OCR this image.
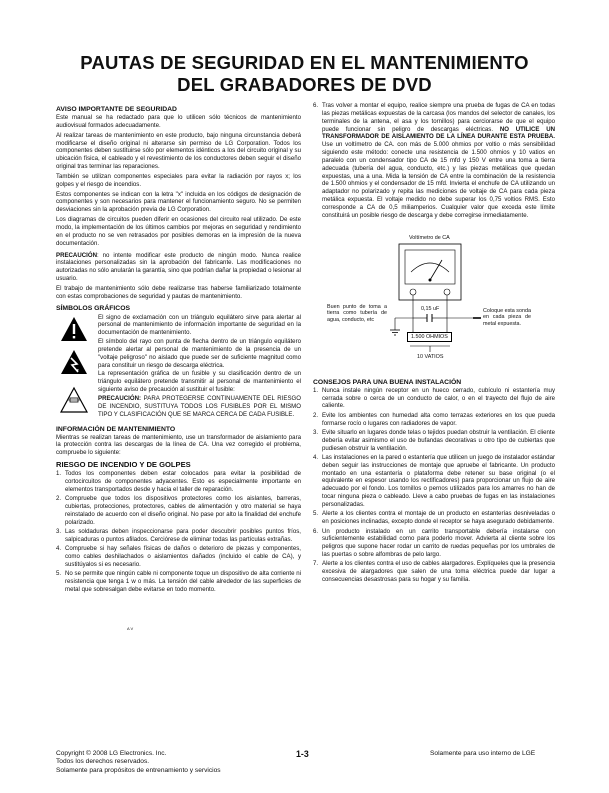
PAUTAS DE SEGURIDAD EN EL MANTENIMIENTO
DEL GRABADORES DE DVD
AVISO IMPORTANTE DE SEGURIDAD

Este manual se ha redactado para que lo utilicen sólo técnicos de mantenimiento audiovisual formados adecuadamente.

Al realizar tareas de mantenimiento en este producto, bajo ninguna circunstancia deberá modificarse el diseño original ni alterarse sin permiso de LG Corporation. Todos los componentes deben sustituirse sólo por elementos idénticos a los del circuito original y su ubicación física, el cableado y el revestimiento de los conductores deben seguir el diseño original tras terminar las reparaciones.

También se utilizan componentes especiales para evitar la radiación por rayos x; los golpes y el riesgo de incendios.

Estos componentes se indican con la letra "x" incluida en los códigos de designación de componentes y son necesarios para mantener el funcionamiento seguro. No se permiten desviaciones sin la aprobación previa de LG Corporation.

Los diagramas de circuitos pueden diferir en ocasiones del circuito real utilizado. De este modo, la implementación de los últimos cambios por mejoras en seguridad y rendimiento en el producto no se ven retrasados por posibles demoras en la impresión de la nueva documentación.

PRECAUCIÓN: no intente modificar este producto de ningún modo. Nunca realice instalaciones personalizadas sin la aprobación del fabricante. Las modificaciones no autorizadas no sólo anularán la garantía, sino que podrían dañar la propiedad o lesionar al usuario.

El trabajo de mantenimiento sólo debe realizarse tras haberse familiarizado totalmente con estas comprobaciones de seguridad y pautas de mantenimiento.

SÍMBOLOS GRÁFICOS

El signo de exclamación con un triángulo equilátero sirve para alertar al personal de mantenimiento de información importante de seguridad en la documentación de mantenimiento.

El símbolo del rayo con punta de flecha dentro de un triángulo equilátero pretende alertar al personal de mantenimiento de la presencia de un "voltaje peligroso" no aislado que puede ser de suficiente magnitud como para constituir un riesgo de descarga eléctrica.

La representación gráfica de un fusible y su clasificación dentro de un triángulo equilátero pretende transmitir al personal de mantenimiento el siguiente aviso de precaución al sustituir el fusible:

PRECAUCIÓN: PARA PROTEGERSE CONTINUAMENTE DEL RIESGO DE INCENDIO, SUSTITUYA TODOS LOS FUSIBLES POR EL MISMO TIPO Y CLASIFICACIÓN QUE SE MARCA CERCA DE CADA FUSIBLE.

A V

INFORMACIÓN DE MANTENIMIENTO

Mientras se realizan tareas de mantenimiento, use un transformador de aislamiento para la protección contra las descargas de la línea de CA. Una vez corregido el problema, compruebe lo siguiente:

RIESGO DE INCENDIO Y DE GOLPES
1. Todos los componentes deben estar colocados para evitar la posibilidad de cortocircuitos de componentes adyacentes. Esto es especialmente importante en elementos transportados desde y hacia el taller de reparación.
2. Compruebe que todos los dispositivos protectores como los aislantes, barreras, cubiertas, protecciones, protectores, cables de alimentación y otro material se haya reinstalado de acuerdo con el diseño original. No pase por alto la finalidad del enchufe polarizado.
3. Las soldaduras deben inspeccionarse para poder descubrir posibles puntos fríos, salpicaduras o puntos afilados. Cerciórese de eliminar todas las partículas extrañas.
4. Compruebe si hay señales físicas de daños o deterioro de piezas y componentes, como cables deshilachados o aislamientos dañados (incluido el cable de CA), y sustitúyalos si es necesario.
5. No se permite que ningún cable ni componente toque un dispositivo de alta corriente ni resistencia que tenga 1 w o más. La tensión del cable alrededor de las superficies de metal que sobresalgan debe evitarse en todo momento.
6. Tras volver a montar el equipo, realice siempre una prueba de fugas de CA en todas las piezas metálicas expuestas de la carcasa (los mandos del selector de canales, los terminales de la antena, el asa y los tornillos) para cerciorarse de que el equipo puede funcionar sin peligro de descargas eléctricas. NO UTILICE UN TRANSFORMADOR DE AISLAMIENTO DE LA LÍNEA DURANTE ESTA PRUEBA. Use un voltímetro de CA. con más de 5.000 ohmios por voltio o más sensibilidad siguiendo este método: conecte una resistencia de 1.500 ohmios y 10 vatios en paralelo con un condensador tipo CA de 15 mfd y 150 V entre una toma a tierra adecuada (tubería del agua, conducto, etc.) y las piezas metálicas que quedan expuestas, una a una. Mida la tensión de CA entre la combinación de la resistencia de 1.500 ohmios y el condensador de 15 mfd. Invierta el enchufe de CA utilizando un adaptador no polarizado y repita las mediciones de voltaje de CA para cada pieza metálica expuesta. El voltaje medido no debe superar los 0,75 voltios RMS. Esto corresponde a CA de 0,5 miliamperios. Cualquier valor que exceda este límite constituirá un posible riesgo de descarga y debe corregirse inmediatamente.
Voltímetro de CA
Buen punto de toma a tierra como tubería de agua, conducto, etc
0,15 uF
1.500 OHMIOS
10 VATIOS
Coloque esta sonda en cada pieza de metal expuesta.
CONSEJOS PARA UNA BUENA INSTALACIÓN
1. Nunca instale ningún receptor en un hueco cerrado, cubículo ni estantería muy cerrada sobre o cerca de un conducto de calor, o en el trayecto del flujo de aire caliente.
2. Evite los ambientes con humedad alta como terrazas exteriores en los que pueda formarse rocío o lugares con radiadores de vapor.
3. Evite situarlo en lugares donde telas o tejidos puedan obstruir la ventilación. El cliente debería evitar asimismo el uso de bufandas decorativas u otro tipo de cubiertas que pudiesen obstruir la ventilación.
4. Las instalaciones en la pared o estantería que utilicen un juego de instalador estándar deben seguir las instrucciones de montaje que apruebe el fabricante. Un producto montado en una estantería o plataforma debe retener su base original (o el equivalente en espesor usando los rectificadores) para proporcionar un flujo de aire adecuado por el fondo. Los tornillos o pernos utilizados para los amarres no han de tocar ninguna pieza o cableado. Lleve a cabo pruebas de fugas en las instalaciones personalizadas.
5. Alerte a los clientes contra el montaje de un producto en estanterías desniveladas o en posiciones inclinadas, excepto donde el receptor se haya asegurado debidamente.
6. Un producto instalado en un carrito transportable debería instalarse con suficientemente estabilidad como para poderlo mover. Advierta al cliente sobre los peligros que supone hacer rodar un carrito de ruedas pequeñas por los umbrales de las puertas o sobre alfombras de pelo largo.
7. Alerte a los clientes contra el uso de cables alargadores. Explíqueles que la presencia excesiva de alargadores que salen de una toma eléctrica puede dar lugar a consecuencias desastrosas para su hogar y su familia.
Copyright © 2008 LG Electronics. Inc.
Todos los derechos reservados.
Solamente para propósitos de entrenamiento y servicios
1-3	Solamente para uso interno de LGE
